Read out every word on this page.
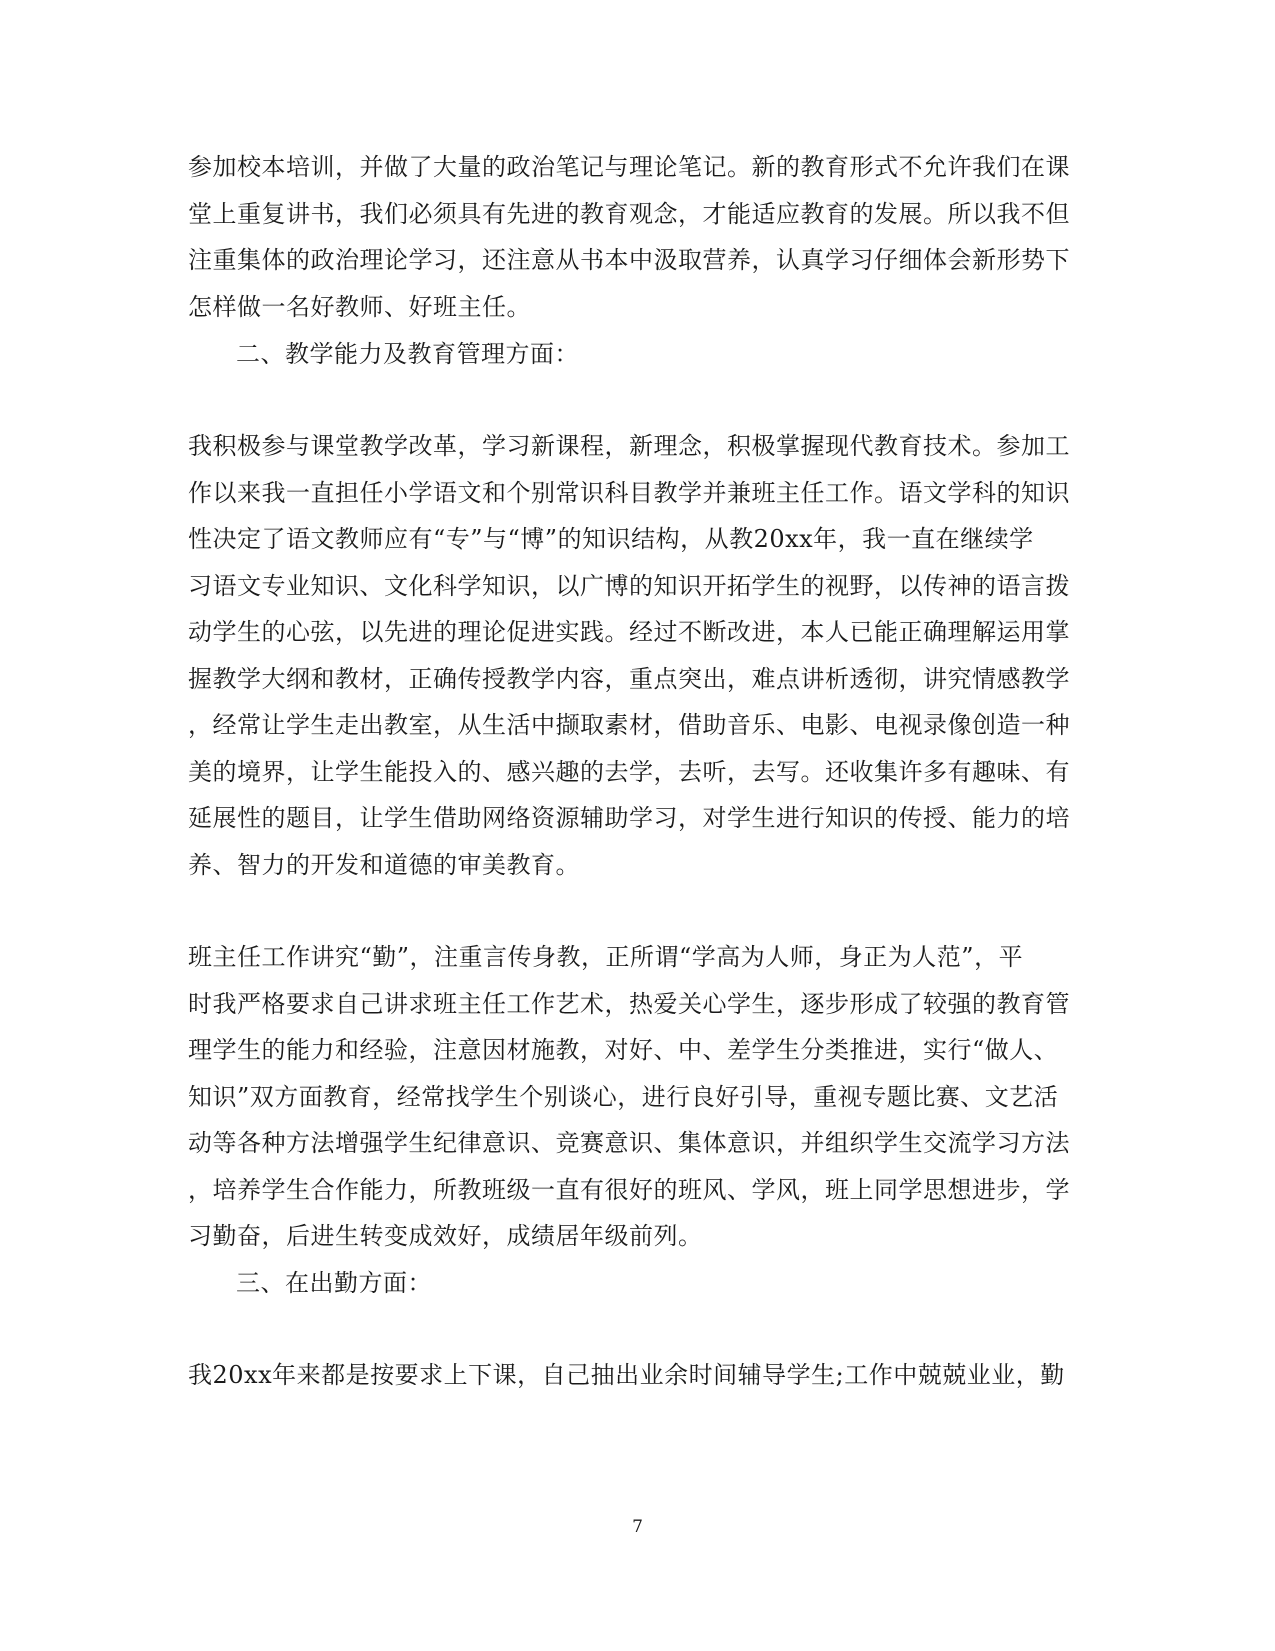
参加校本培训，并做了大量的政治笔记与理论笔记。新的教育形式不允许我们在课
堂上重复讲书，我们必须具有先进的教育观念，才能适应教育的发展。所以我不但
注重集体的政治理论学习，还注意从书本中汲取营养，认真学习仔细体会新形势下
怎样做一名好教师、好班主任。
二、教学能力及教育管理方面：
我积极参与课堂教学改革，学习新课程，新理念，积极掌握现代教育技术。参加工
作以来我一直担任小学语文和个别常识科目教学并兼班主任工作。语文学科的知识
性决定了语文教师应有“专”与“博”的知识结构，从教20xx年，我一直在继续学
习语文专业知识、文化科学知识，以广博的知识开拓学生的视野，以传神的语言拨
动学生的心弦，以先进的理论促进实践。经过不断改进，本人已能正确理解运用掌
握教学大纲和教材，正确传授教学内容，重点突出，难点讲析透彻，讲究情感教学
，经常让学生走出教室，从生活中撷取素材，借助音乐、电影、电视录像创造一种
美的境界，让学生能投入的、感兴趣的去学，去听，去写。还收集许多有趣味、有
延展性的题目，让学生借助网络资源辅助学习，对学生进行知识的传授、能力的培
养、智力的开发和道德的审美教育。
班主任工作讲究“勤”，注重言传身教，正所谓“学高为人师，身正为人范”，平
时我严格要求自己讲求班主任工作艺术，热爱关心学生，逐步形成了较强的教育管
理学生的能力和经验，注意因材施教，对好、中、差学生分类推进，实行“做人、
知识”双方面教育，经常找学生个别谈心，进行良好引导，重视专题比赛、文艺活
动等各种方法增强学生纪律意识、竞赛意识、集体意识，并组织学生交流学习方法
，培养学生合作能力，所教班级一直有很好的班风、学风，班上同学思想进步，学
习勤奋，后进生转变成效好，成绩居年级前列。
三、在出勤方面：
我20xx年来都是按要求上下课，自己抽出业余时间辅导学生;工作中兢兢业业，勤
7
